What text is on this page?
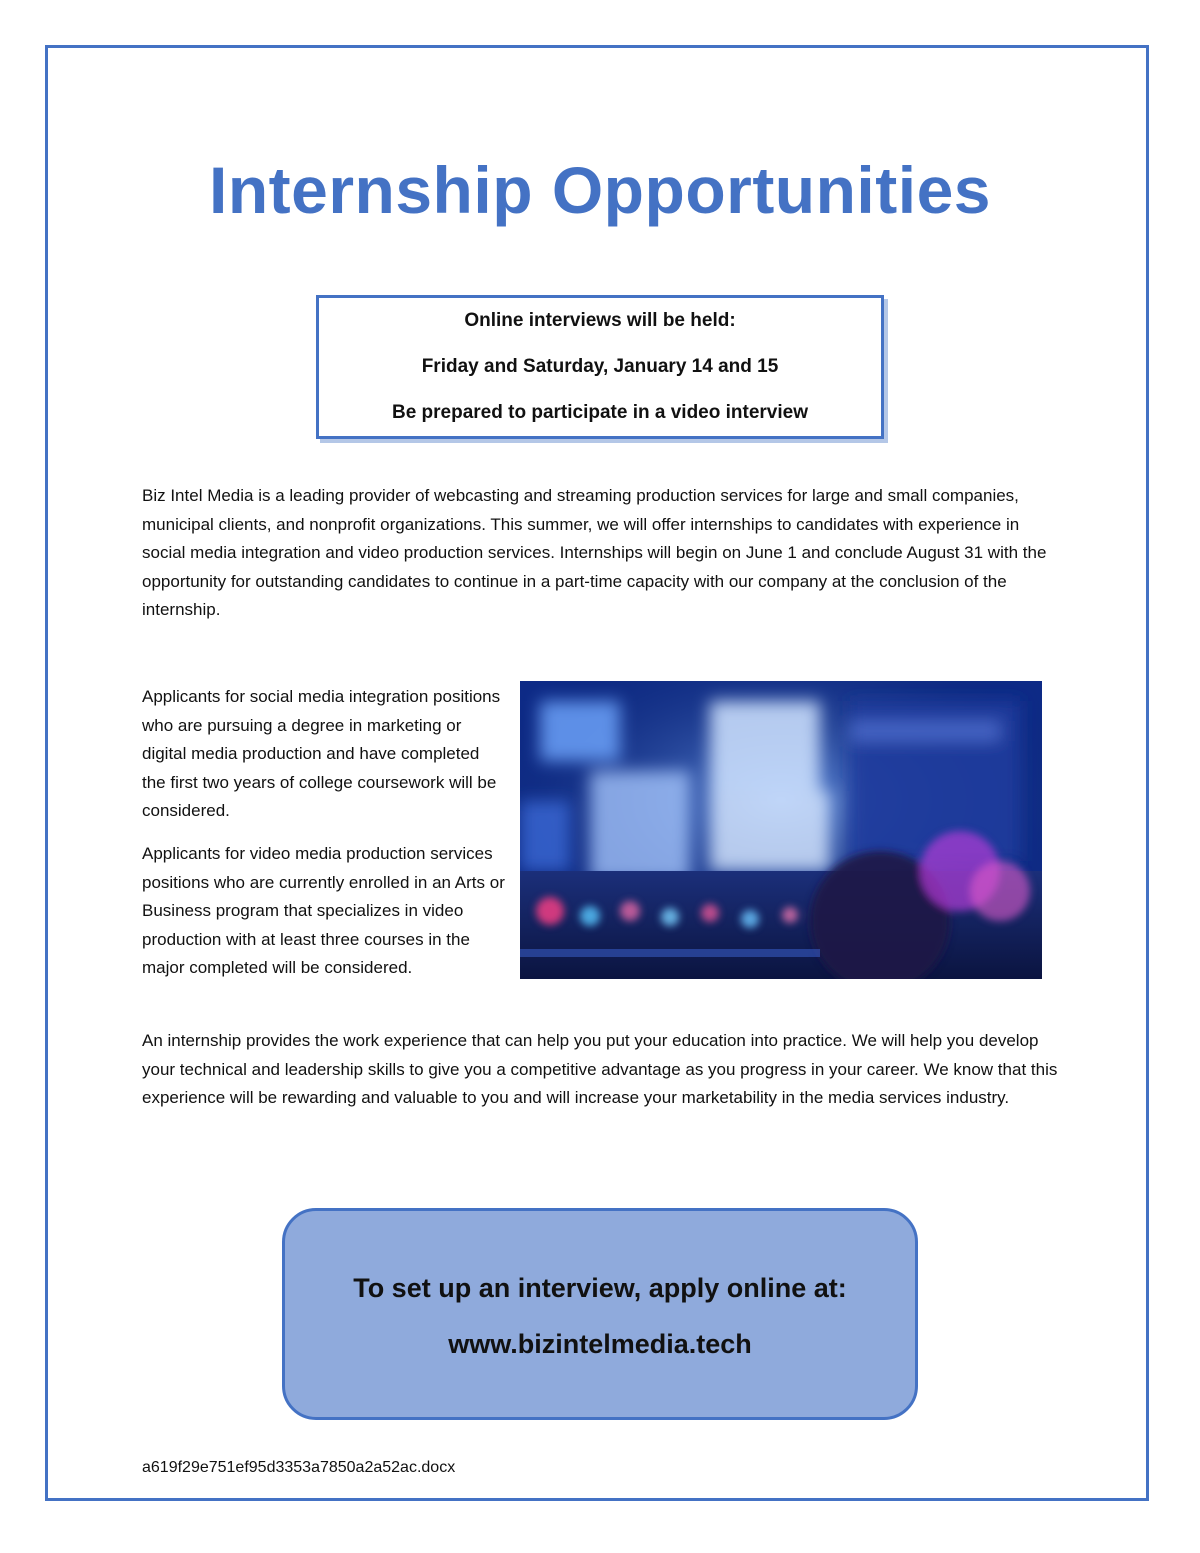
Internship Opportunities
Online interviews will be held:
Friday and Saturday, January 14 and 15
Be prepared to participate in a video interview
Biz Intel Media is a leading provider of webcasting and streaming production services for large and small companies, municipal clients, and nonprofit organizations. This summer, we will offer internships to candidates with experience in social media integration and video production services. Internships will begin on June 1 and conclude August 31 with the opportunity for outstanding candidates to continue in a part-time capacity with our company at the conclusion of the internship.
Applicants for social media integration positions who are pursuing a degree in marketing or digital media production and have completed the first two years of college coursework will be considered.
Applicants for video media production services positions who are currently enrolled in an Arts or Business program that specializes in video production with at least three courses in the major completed will be considered.
An internship provides the work experience that can help you put your education into practice. We will help you develop your technical and leadership skills to give you a competitive advantage as you progress in your career. We know that this experience will be rewarding and valuable to you and will increase your marketability in the media services industry.
To set up an interview, apply online at:
www.bizintelmedia.tech
a619f29e751ef95d3353a7850a2a52ac.docx
